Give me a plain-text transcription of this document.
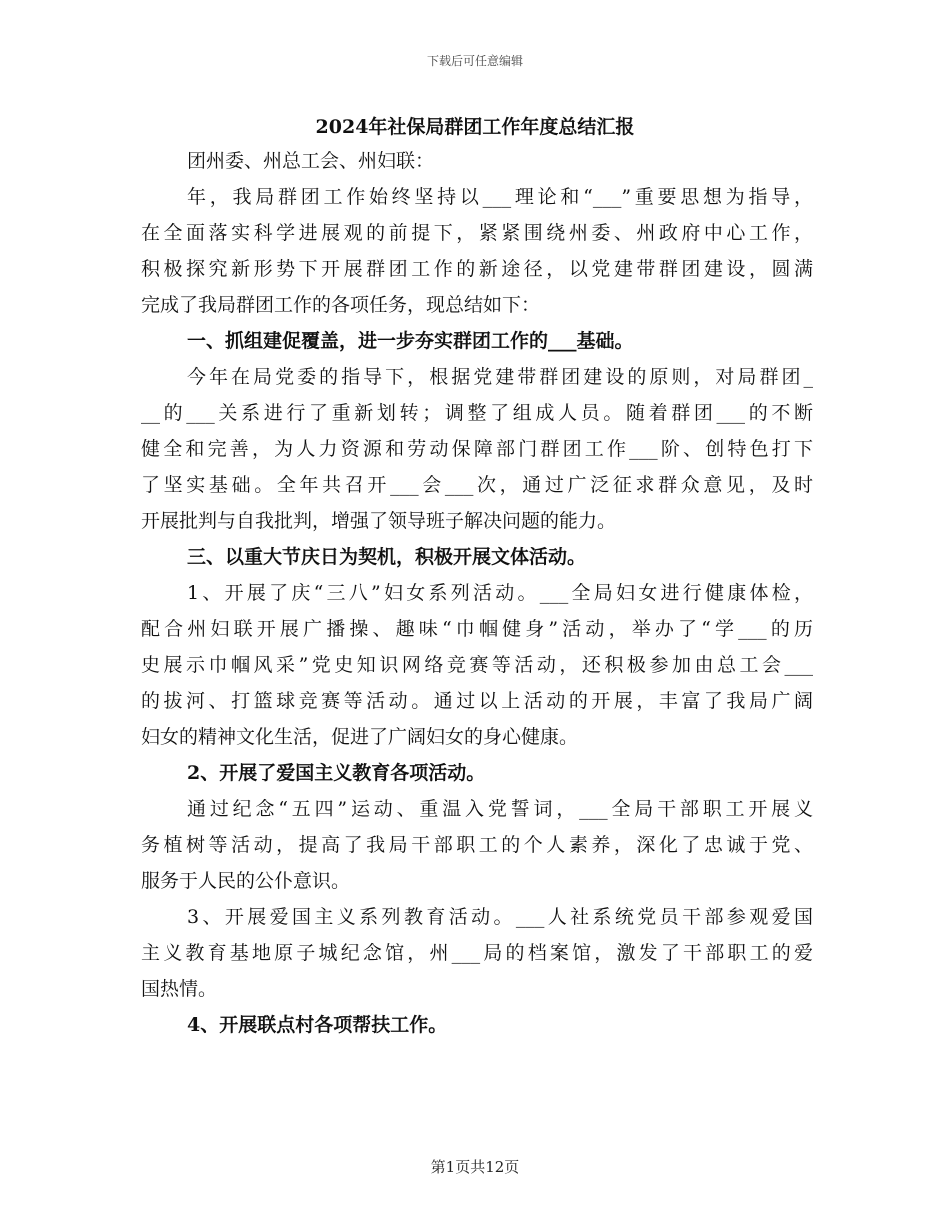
下载后可任意编辑
2024年社保局群团工作年度总结汇报
团州委、州总工会、州妇联：
年，我局群团工作始终坚持以___理论和“___”重要思想为指导，
在全面落实科学进展观的前提下，紧紧围绕州委、州政府中心工作，
积极探究新形势下开展群团工作的新途径，以党建带群团建设，圆满
完成了我局群团工作的各项任务，现总结如下：
一、抓组建促覆盖，进一步夯实群团工作的___基础。
今年在局党委的指导下，根据党建带群团建设的原则，对局群团_
__的___关系进行了重新划转；调整了组成人员。随着群团___的不断
健全和完善，为人力资源和劳动保障部门群团工作___阶、创特色打下
了坚实基础。全年共召开___会___次，通过广泛征求群众意见，及时
开展批判与自我批判，增强了领导班子解决问题的能力。
三、以重大节庆日为契机，积极开展文体活动。
1、开展了庆“三八”妇女系列活动。___全局妇女进行健康体检，
配合州妇联开展广播操、趣味“巾帼健身”活动，举办了“学___的历
史展示巾帼风采”党史知识网络竞赛等活动，还积极参加由总工会___
的拔河、打篮球竞赛等活动。通过以上活动的开展，丰富了我局广阔
妇女的精神文化生活，促进了广阔妇女的身心健康。
2、开展了爱国主义教育各项活动。
通过纪念“五四”运动、重温入党誓词，___全局干部职工开展义
务植树等活动，提高了我局干部职工的个人素养，深化了忠诚于党、
服务于人民的公仆意识。
3、开展爱国主义系列教育活动。___人社系统党员干部参观爱国
主义教育基地原子城纪念馆，州___局的档案馆，激发了干部职工的爱
国热情。
4、开展联点村各项帮扶工作。
第1页共12页
